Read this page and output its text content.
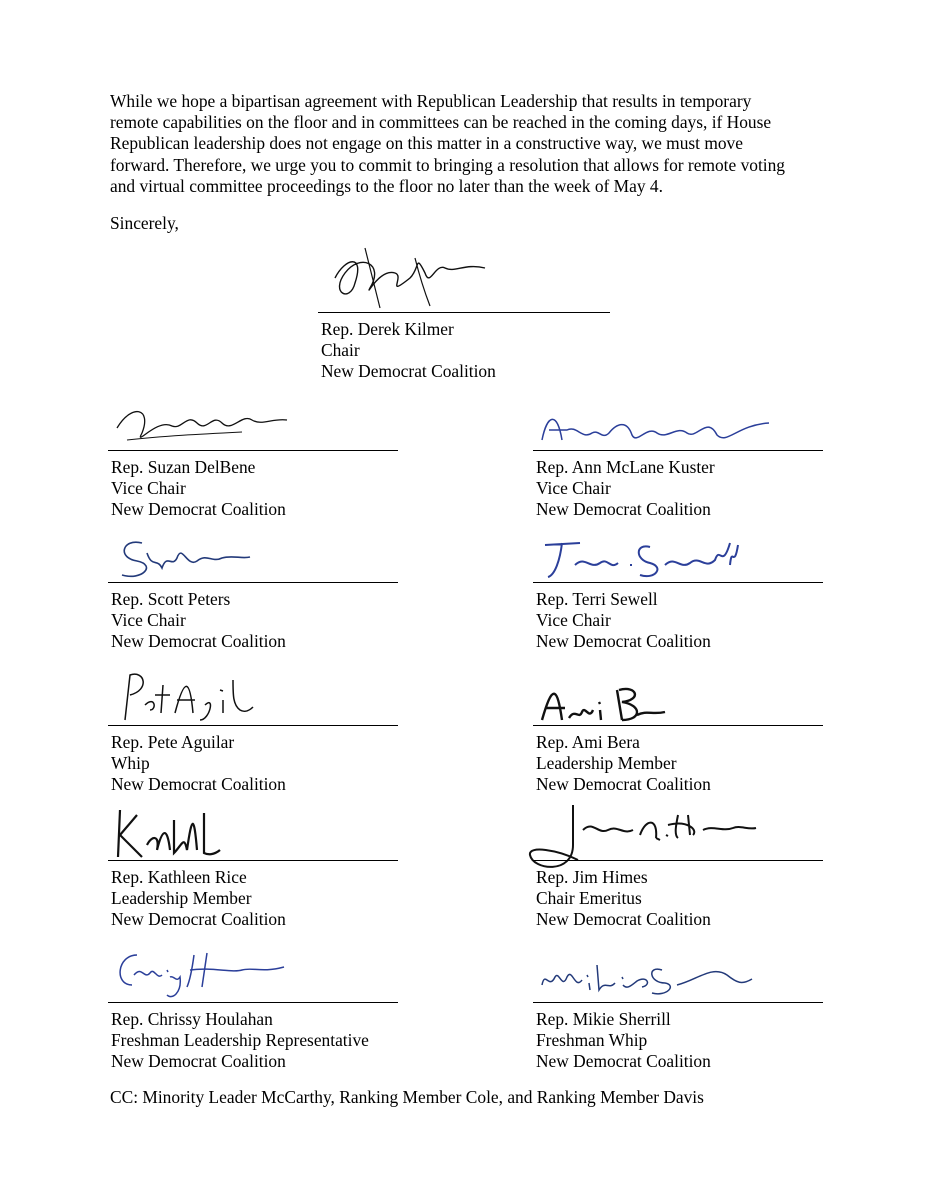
While we hope a bipartisan agreement with Republican Leadership that results in temporary
remote capabilities on the floor and in committees can be reached in the coming days, if House
Republican leadership does not engage on this matter in a constructive way, we must move
forward. Therefore, we urge you to commit to bringing a resolution that allows for remote voting
and virtual committee proceedings to the floor no later than the week of May 4.

Sincerely,

Rep. Derek Kilmer
Chair
New Democrat Coalition
Rep. Suzan DelBene
Vice Chair
New Democrat Coalition
Rep. Ann McLane Kuster
Vice Chair
New Democrat Coalition
Rep. Scott Peters
Vice Chair
New Democrat Coalition
Rep. Terri Sewell
Vice Chair
New Democrat Coalition
Rep. Pete Aguilar
Whip
New Democrat Coalition
Rep. Ami Bera
Leadership Member
New Democrat Coalition
Rep. Kathleen Rice
Leadership Member
New Democrat Coalition
Rep. Jim Himes
Chair Emeritus
New Democrat Coalition
Rep. Chrissy Houlahan
Freshman Leadership Representative
New Democrat Coalition
Rep. Mikie Sherrill
Freshman Whip
New Democrat Coalition
CC: Minority Leader McCarthy, Ranking Member Cole, and Ranking Member Davis
